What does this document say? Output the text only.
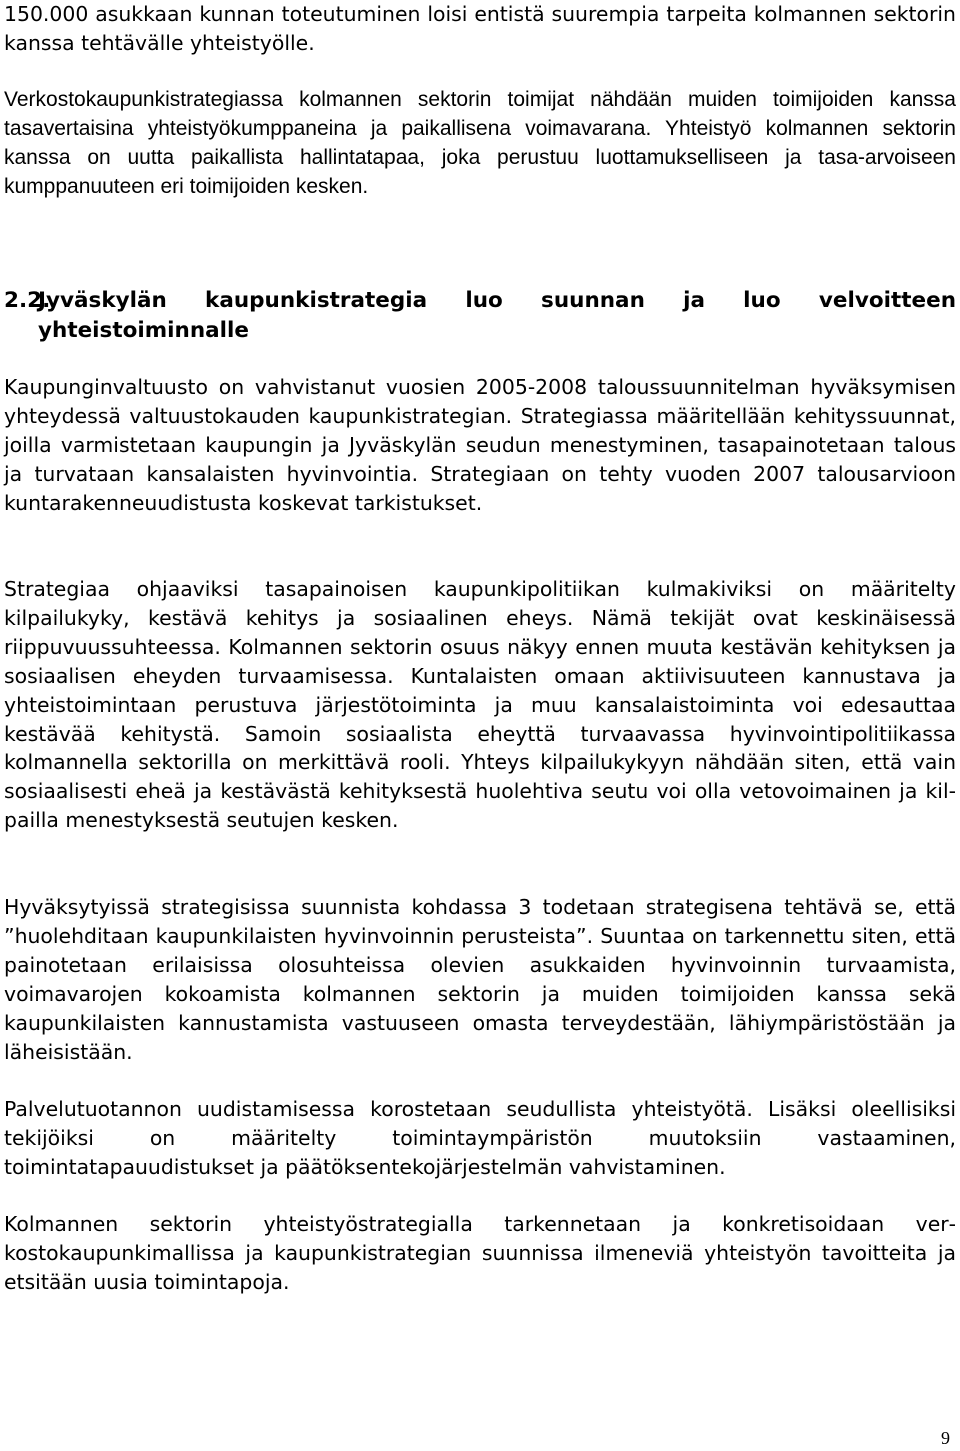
150.000 asukkaan kunnan toteutuminen loisi entistä suurempia tarpeita kolmannen sektorin kanssa tehtävälle yhteistyölle.

Verkostokaupunkistrategiassa kolmannen sektorin toimijat nähdään muiden toimijoiden kanssa tasavertaisina yhteistyökumppaneina ja paikallisena voimavarana. Yhteistyö kolmannen sektorin kanssa on uutta paikallista hallintatapaa, joka perustuu luottamukselliseen ja tasa-arvoiseen kumppanuuteen eri toimijoiden kesken.

2.2.
Jyväskylän kaupunkistrategia luo suunnan ja luo velvoitteen yhteistoiminnalle

Kaupunginvaltuusto on vahvistanut vuosien 2005-2008 taloussuunnitelman hyväksymisen yhteydessä valtuustokauden kaupunkistrategian. Strategiassa määritellään kehityssuunnat, joilla varmistetaan kaupungin ja Jyväskylän seudun menestyminen, tasapainotetaan talous ja turvataan kansalaisten hyvinvointia. Strategiaan on tehty vuoden 2007 talousarvioon kuntarakenneuudistusta koskevat tarkistukset.

Strategiaa ohjaaviksi tasapainoisen kaupunkipolitiikan kulmakiviksi on määritelty kilpailukyky, kestävä kehitys ja sosiaalinen eheys. Nämä tekijät ovat keskinäisessä riippuvuussuhteessa. Kolmannen sektorin osuus näkyy ennen muuta kestävän kehityksen ja sosiaalisen eheyden turvaamisessa. Kuntalaisten omaan aktiivisuuteen kannustava ja yhteistoimintaan perustuva järjestötoiminta ja muu kansalaistoiminta voi edesauttaa kestävää kehitystä. Samoin sosiaalista eheyttä turvaavassa hyvinvointipolitiikassa kolmannella sektorilla on merkittävä rooli. Yhteys kilpailukykyyn nähdään siten, että vain sosiaalisesti eheä ja kestävästä kehityksestä huolehtiva seutu voi olla vetovoimainen ja kilpailla menestyksestä seutujen kesken.

Hyväksytyissä strategisissa suunnista kohdassa 3 todetaan strategisena tehtävä se, että ”huolehditaan kaupunkilaisten hyvinvoinnin perusteista”. Suuntaa on tarkennettu siten, että painotetaan erilaisissa olosuhteissa olevien asukkaiden hyvinvoinnin turvaamista, voimavarojen kokoamista kolmannen sektorin ja muiden toimijoiden kanssa sekä kaupunkilaisten kannustamista vastuuseen omasta terveydestään, lähiympäristöstään ja läheisistään.

Palvelutuotannon uudistamisessa korostetaan seudullista yhteistyötä. Lisäksi oleellisiksi tekijöiksi on määritelty toimintaympäristön muutoksiin vastaaminen, toimintatapauudistukset ja päätöksentekojärjestelmän vahvistaminen.

Kolmannen sektorin yhteistyöstrategialla tarkennetaan ja konkretisoidaan verkostokaupunkimallissa ja kaupunkistrategian suunnissa ilmeneviä yhteistyön tavoitteita ja etsitään uusia toimintapoja.

9
